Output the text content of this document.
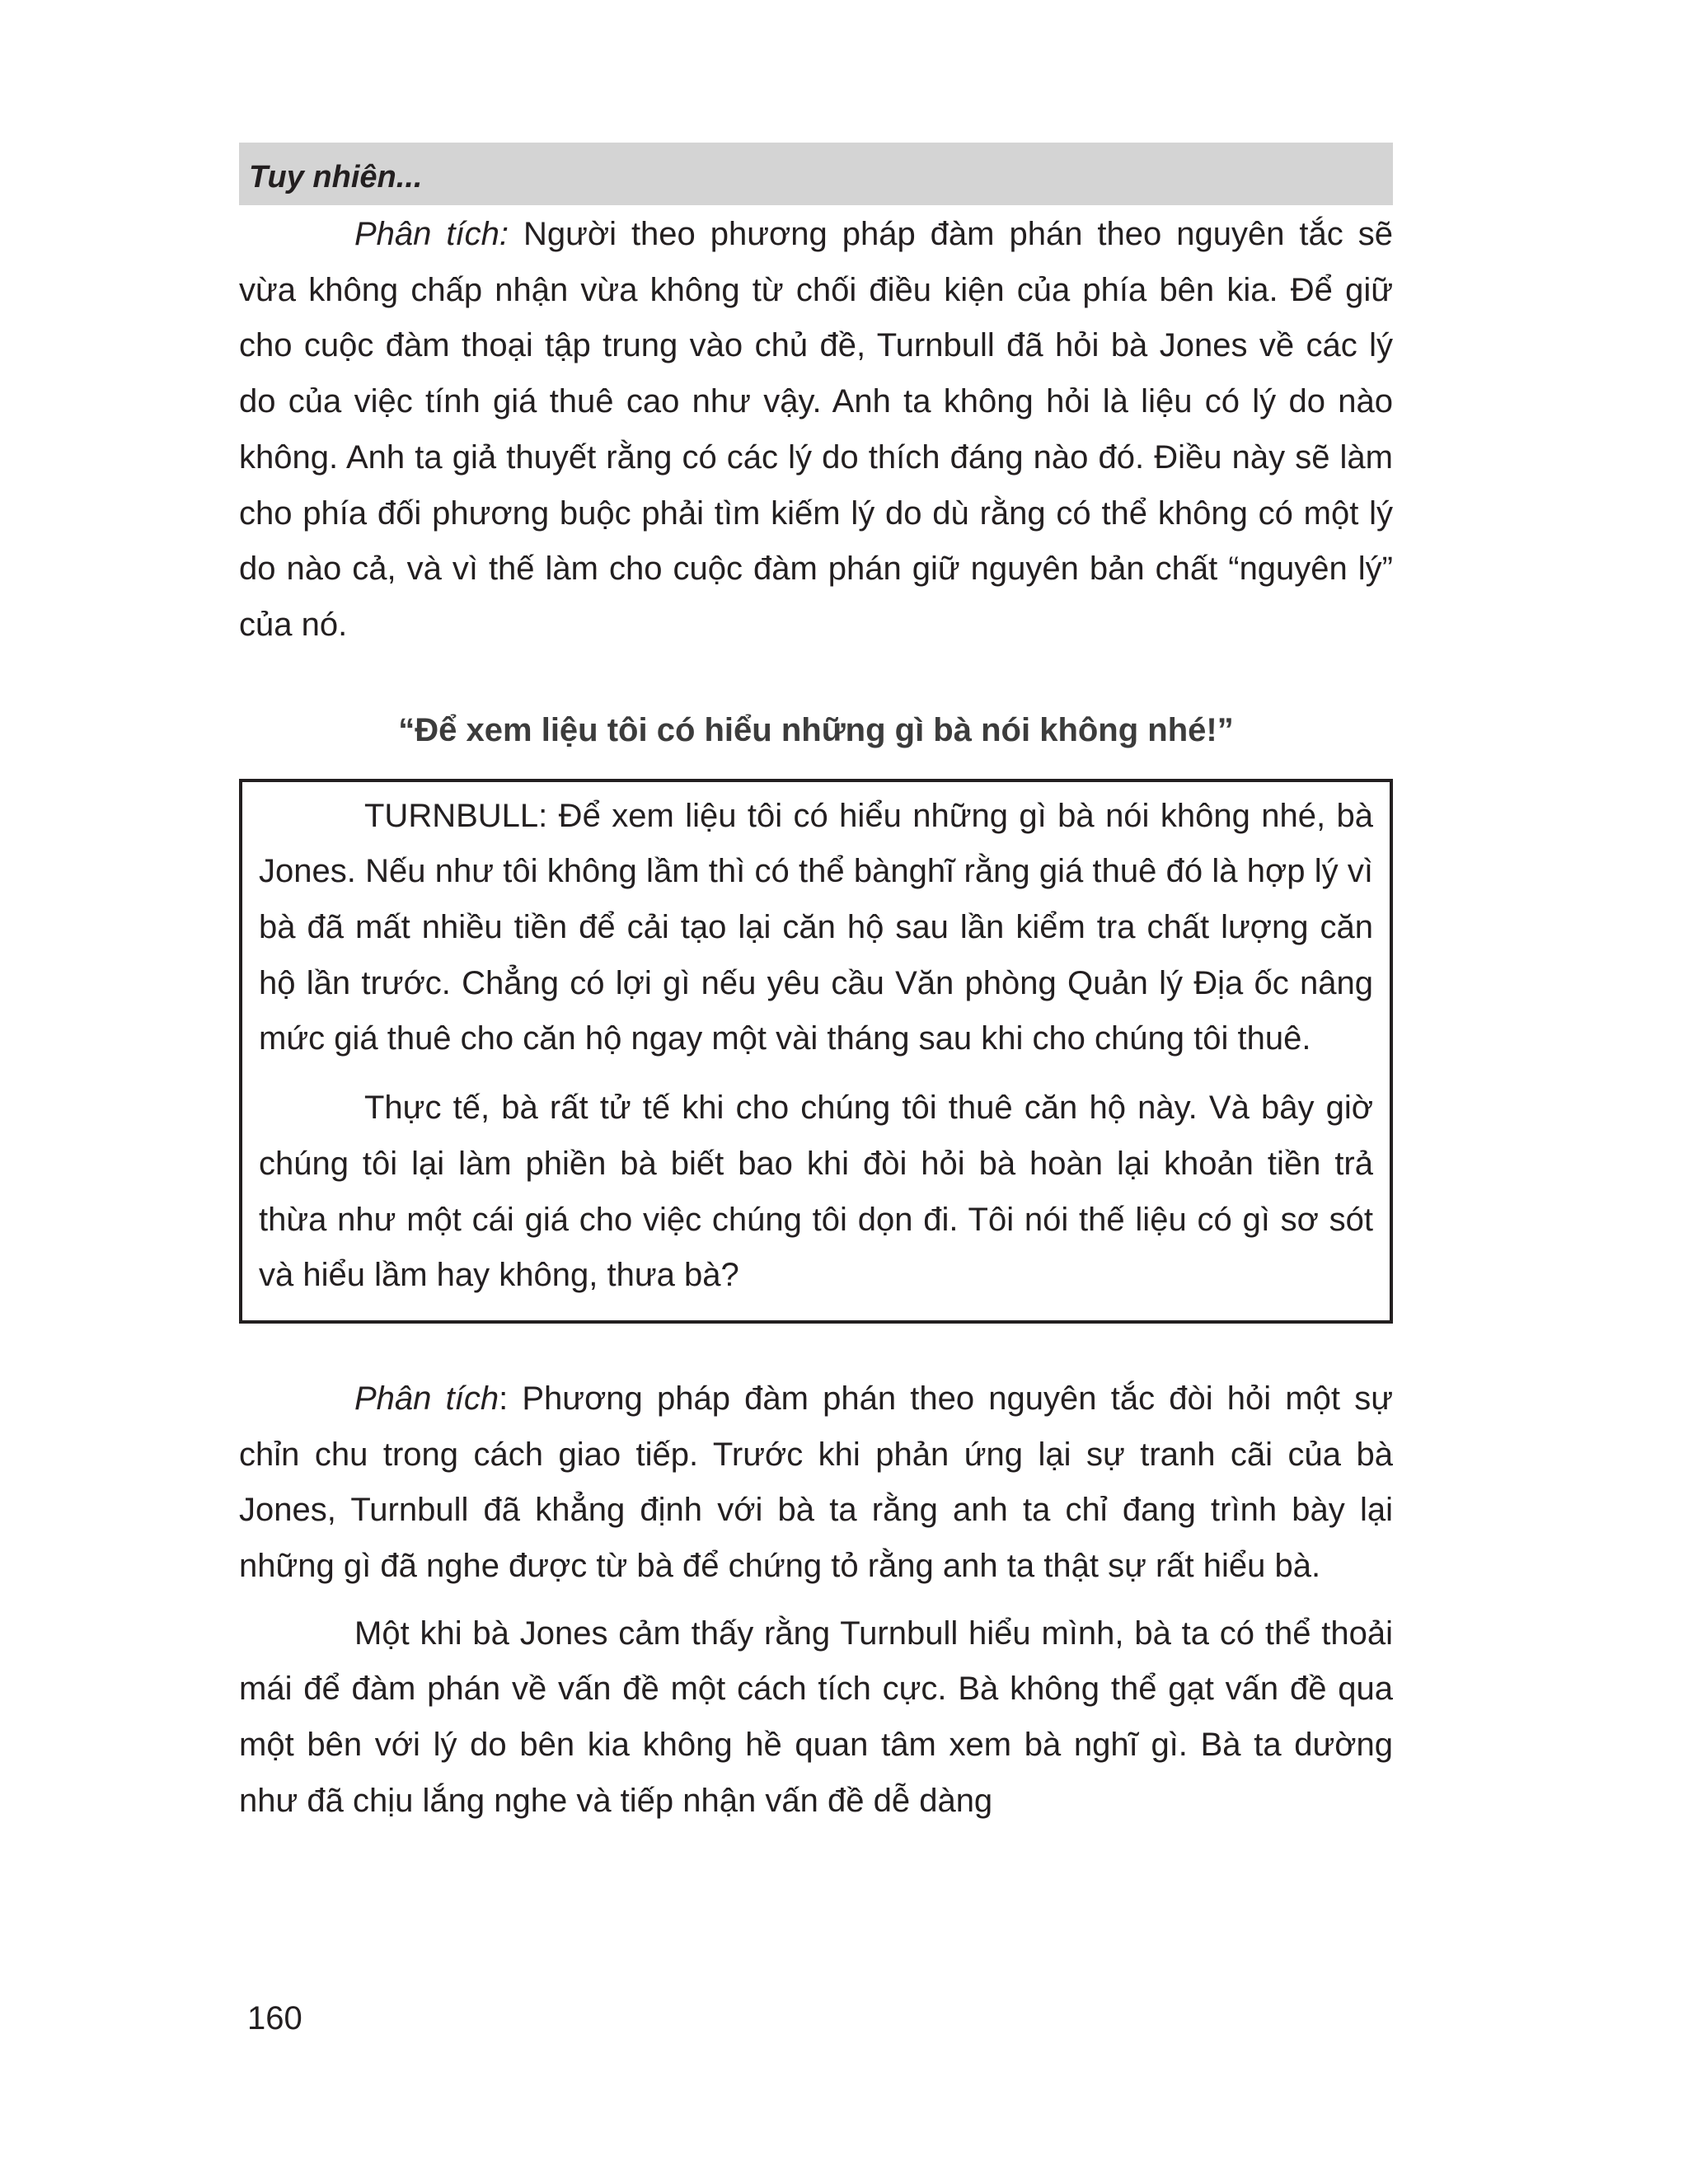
Tuy nhiên...

Phân tích: Người theo phương pháp đàm phán theo nguyên tắc sẽ vừa không chấp nhận vừa không từ chối điều kiện của phía bên kia. Để giữ cho cuộc đàm thoại tập trung vào chủ đề, Turnbull đã hỏi bà Jones về các lý do của việc tính giá thuê cao như vậy. Anh ta không hỏi là liệu có lý do nào không. Anh ta giả thuyết rằng có các lý do thích đáng nào đó. Điều này sẽ làm cho phía đối phương buộc phải tìm kiếm lý do dù rằng có thể không có một lý do nào cả, và vì thế làm cho cuộc đàm phán giữ nguyên bản chất “nguyên lý” của nó.

“Để xem liệu tôi có hiểu những gì bà nói không nhé!”

TURNBULL: Để xem liệu tôi có hiểu những gì bà nói không nhé, bà Jones. Nếu như tôi không lầm thì có thể bànghĩ rằng giá thuê đó là hợp lý vì bà đã mất nhiều tiền để cải tạo lại căn hộ sau lần kiểm tra chất lượng căn hộ lần trước. Chẳng có lợi gì nếu yêu cầu Văn phòng Quản lý Địa ốc nâng mức giá thuê cho căn hộ ngay một vài tháng sau khi cho chúng tôi thuê.

Thực tế, bà rất tử tế khi cho chúng tôi thuê căn hộ này. Và bây giờ chúng tôi lại làm phiền bà biết bao khi đòi hỏi bà hoàn lại khoản tiền trả thừa như một cái giá cho việc chúng tôi dọn đi. Tôi nói thế liệu có gì sơ sót và hiểu lầm hay không, thưa bà?

Phân tích: Phương pháp đàm phán theo nguyên tắc đòi hỏi một sự chỉn chu trong cách giao tiếp. Trước khi phản ứng lại sự tranh cãi của bà Jones, Turnbull đã khẳng định với bà ta rằng anh ta chỉ đang trình bày lại những gì đã nghe được từ bà để chứng tỏ rằng anh ta thật sự rất hiểu bà.

Một khi bà Jones cảm thấy rằng Turnbull hiểu mình, bà ta có thể thoải mái để đàm phán về vấn đề một cách tích cực. Bà không thể gạt vấn đề qua một bên với lý do bên kia không hề quan tâm xem bà nghĩ gì. Bà ta dường như đã chịu lắng nghe và tiếp nhận vấn đề dễ dàng

160
